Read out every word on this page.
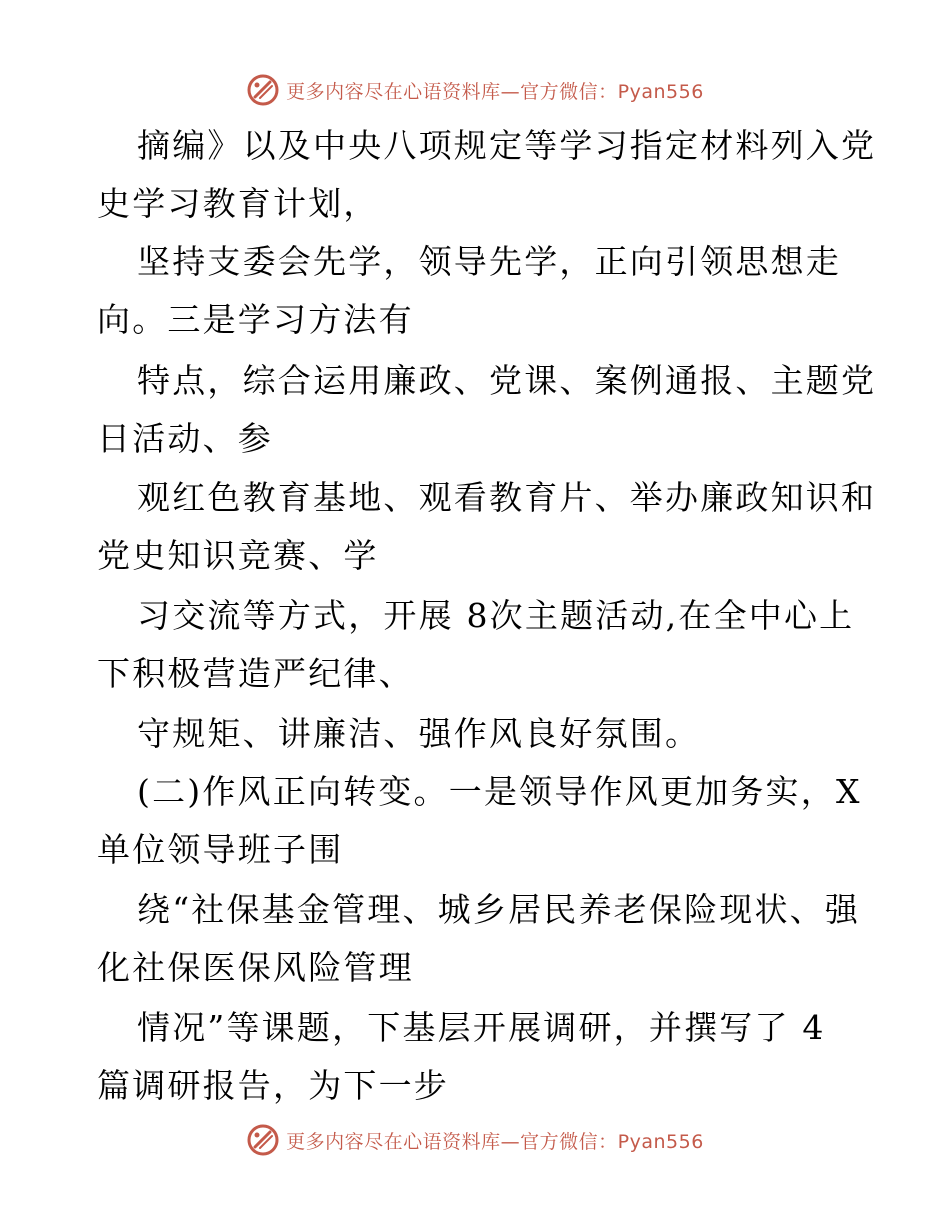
更多内容尽在心语资料库—官方微信：Pyan556
摘编》以及中央八项规定等学习指定材料列入党
史学习教育计划，
坚持支委会先学，领导先学，正向引领思想走
向。三是学习方法有
特点，综合运用廉政、党课、案例通报、主题党
日活动、参
观红色教育基地、观看教育片、举办廉政知识和
党史知识竞赛、学
习交流等方式，开展 8次主题活动,在全中心上
下积极营造严纪律、
守规矩、讲廉洁、强作风良好氛围。
(二)作风正向转变。一是领导作风更加务实，X
单位领导班子围
绕“社保基金管理、城乡居民养老保险现状、强
化社保医保风险管理
情况”等课题，下基层开展调研，并撰写了 4
篇调研报告，为下一步
更多内容尽在心语资料库—官方微信：Pyan556
